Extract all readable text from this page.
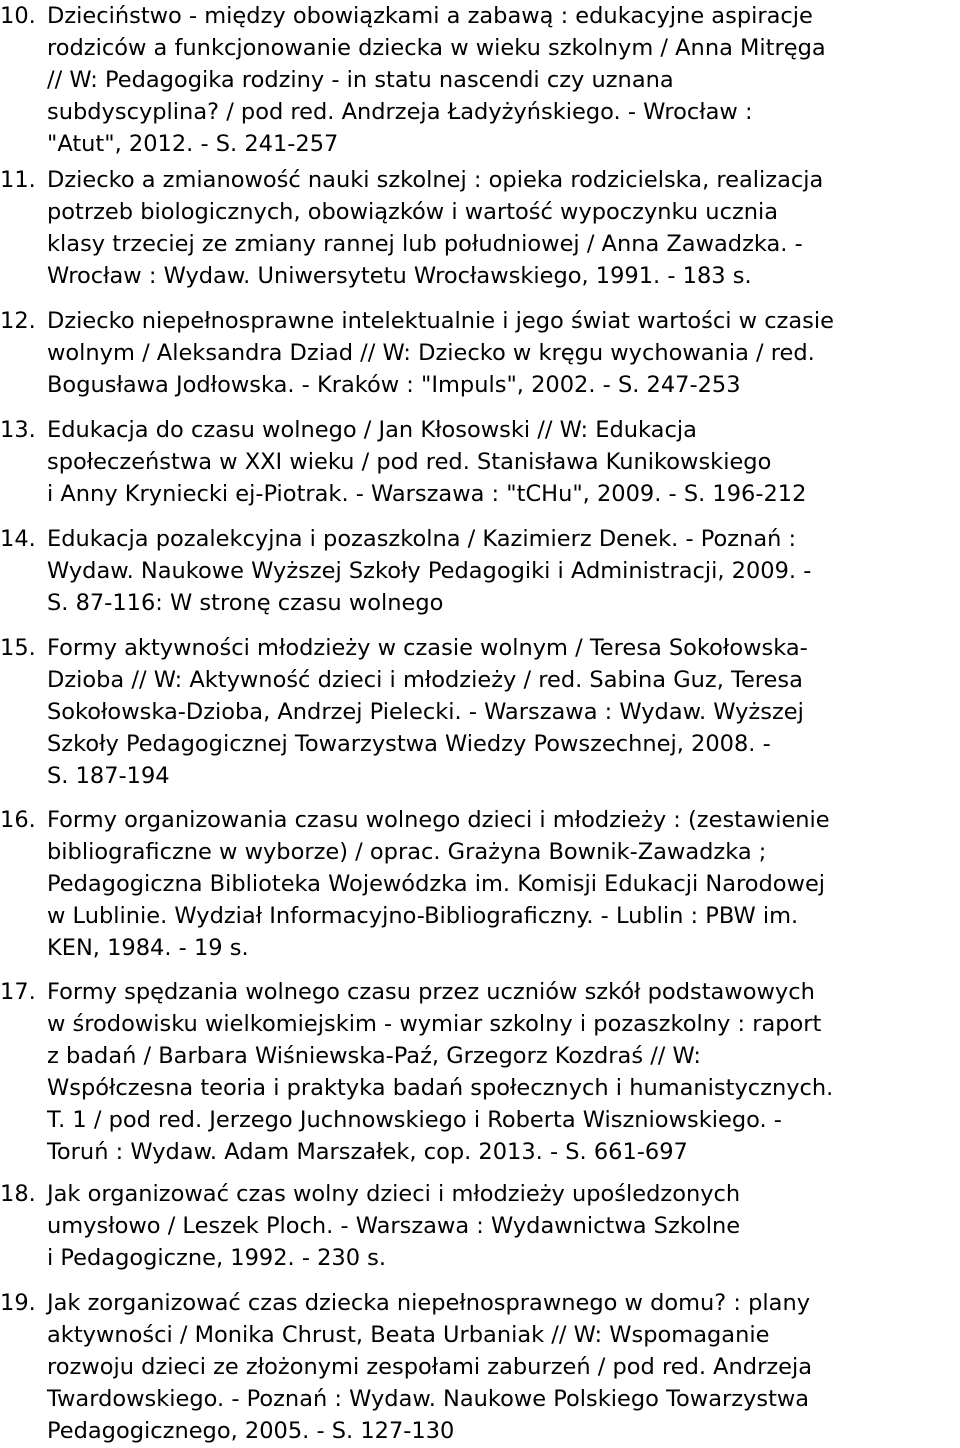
10. Dzieciństwo - między obowiązkami a zabawą : edukacyjne aspiracje
rodziców a funkcjonowanie dziecka w wieku szkolnym / Anna Mitręga
// W: Pedagogika rodziny - in statu nascendi czy uznana
subdyscyplina? / pod red. Andrzeja Ładyżyńskiego. - Wrocław :
"Atut", 2012. - S. 241-257
11. Dziecko a zmianowość nauki szkolnej : opieka rodzicielska, realizacja
potrzeb biologicznych, obowiązków i wartość wypoczynku ucznia
klasy trzeciej ze zmiany rannej lub południowej / Anna Zawadzka. -
Wrocław : Wydaw. Uniwersytetu Wrocławskiego, 1991. - 183 s.
12. Dziecko niepełnosprawne intelektualnie i jego świat wartości w czasie
wolnym / Aleksandra Dziad // W: Dziecko w kręgu wychowania / red.
Bogusława Jodłowska. - Kraków : "Impuls", 2002. - S. 247-253
13. Edukacja do czasu wolnego / Jan Kłosowski // W: Edukacja
społeczeństwa w XXI wieku / pod red. Stanisława Kunikowskiego
i Anny Kryniecki ej-Piotrak. - Warszawa : "tCHu", 2009. - S. 196-212
14. Edukacja pozalekcyjna i pozaszkolna / Kazimierz Denek. - Poznań :
Wydaw. Naukowe Wyższej Szkoły Pedagogiki i Administracji, 2009. -
S. 87-116: W stronę czasu wolnego
15. Formy aktywności młodzieży w czasie wolnym / Teresa Sokołowska-
Dzioba // W: Aktywność dzieci i młodzieży / red. Sabina Guz, Teresa
Sokołowska-Dzioba, Andrzej Pielecki. - Warszawa : Wydaw. Wyższej
Szkoły Pedagogicznej Towarzystwa Wiedzy Powszechnej, 2008. -
S. 187-194
16. Formy organizowania czasu wolnego dzieci i młodzieży : (zestawienie
bibliograficzne w wyborze) / oprac. Grażyna Bownik-Zawadzka ;
Pedagogiczna Biblioteka Wojewódzka im. Komisji Edukacji Narodowej
w Lublinie. Wydział Informacyjno-Bibliograficzny. - Lublin : PBW im.
KEN, 1984. - 19 s.
17. Formy spędzania wolnego czasu przez uczniów szkół podstawowych
w środowisku wielkomiejskim - wymiar szkolny i pozaszkolny : raport
z badań / Barbara Wiśniewska-Paź, Grzegorz Kozdraś // W:
Współczesna teoria i praktyka badań społecznych i humanistycznych.
T. 1 / pod red. Jerzego Juchnowskiego i Roberta Wiszniowskiego. -
Toruń : Wydaw. Adam Marszałek, cop. 2013. - S. 661-697
18. Jak organizować czas wolny dzieci i młodzieży upośledzonych
umysłowo / Leszek Ploch. - Warszawa : Wydawnictwa Szkolne
i Pedagogiczne, 1992. - 230 s.
19. Jak zorganizować czas dziecka niepełnosprawnego w domu? : plany
aktywności / Monika Chrust, Beata Urbaniak // W: Wspomaganie
rozwoju dzieci ze złożonymi zespołami zaburzeń / pod red. Andrzeja
Twardowskiego. - Poznań : Wydaw. Naukowe Polskiego Towarzystwa
Pedagogicznego, 2005. - S. 127-130
